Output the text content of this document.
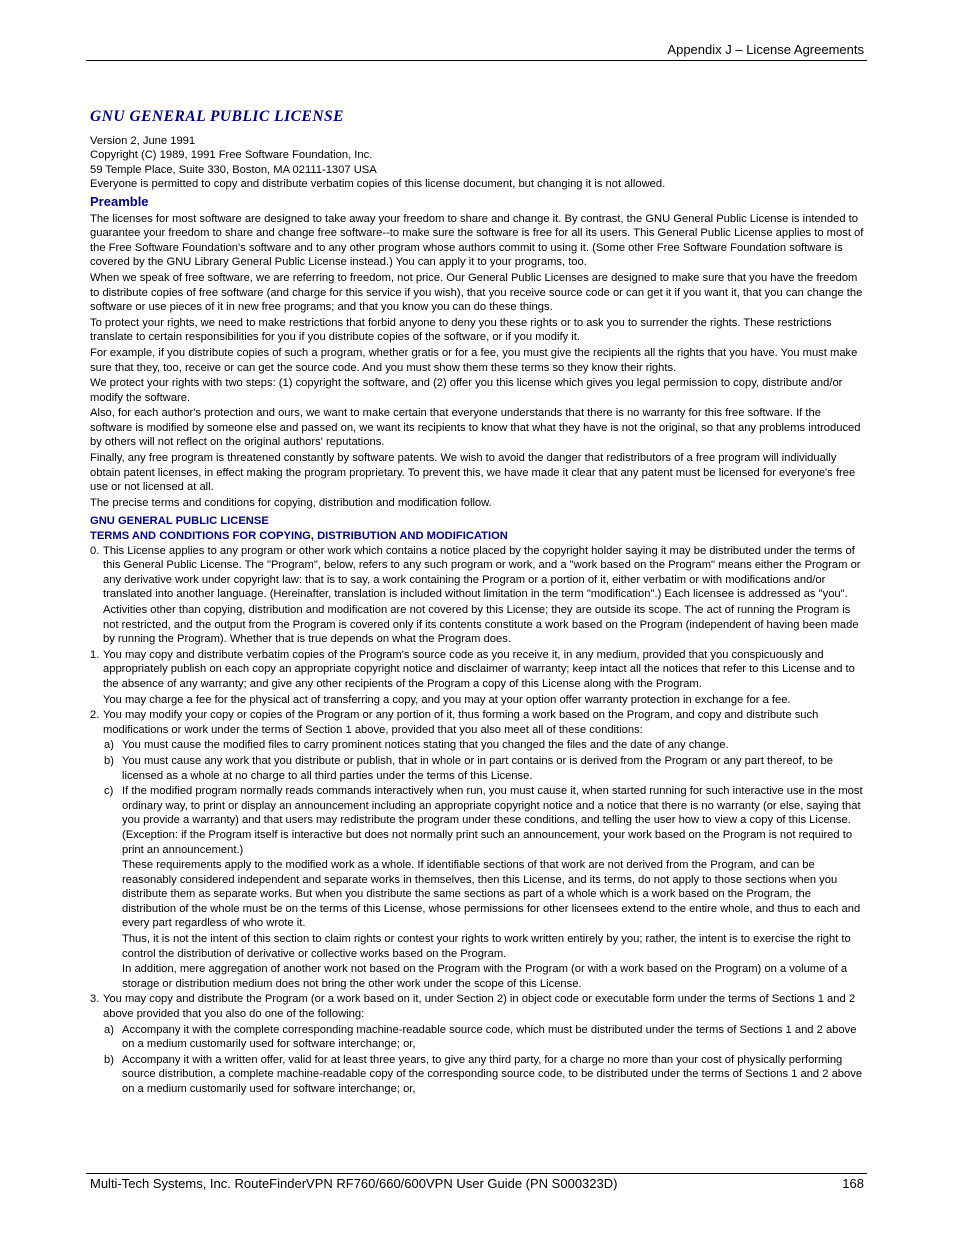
Appendix J – License Agreements
GNU GENERAL PUBLIC LICENSE

Version 2, June 1991

Copyright (C) 1989, 1991 Free Software Foundation, Inc.

59 Temple Place, Suite 330, Boston, MA 02111-1307 USA

Everyone is permitted to copy and distribute verbatim copies of this license document, but changing it is not allowed.

Preamble

The licenses for most software are designed to take away your freedom to share and change it. By contrast, the GNU General Public License is intended to guarantee your freedom to share and change free software--to make sure the software is free for all its users. This General Public License applies to most of the Free Software Foundation's software and to any other program whose authors commit to using it. (Some other Free Software Foundation software is covered by the GNU Library General Public License instead.) You can apply it to your programs, too.

When we speak of free software, we are referring to freedom, not price. Our General Public Licenses are designed to make sure that you have the freedom to distribute copies of free software (and charge for this service if you wish), that you receive source code or can get it if you want it, that you can change the software or use pieces of it in new free programs; and that you know you can do these things.

To protect your rights, we need to make restrictions that forbid anyone to deny you these rights or to ask you to surrender the rights. These restrictions translate to certain responsibilities for you if you distribute copies of the software, or if you modify it.

For example, if you distribute copies of such a program, whether gratis or for a fee, you must give the recipients all the rights that you have. You must make sure that they, too, receive or can get the source code. And you must show them these terms so they know their rights.

We protect your rights with two steps: (1) copyright the software, and (2) offer you this license which gives you legal permission to copy, distribute and/or modify the software.

Also, for each author's protection and ours, we want to make certain that everyone understands that there is no warranty for this free software. If the software is modified by someone else and passed on, we want its recipients to know that what they have is not the original, so that any problems introduced by others will not reflect on the original authors' reputations.

Finally, any free program is threatened constantly by software patents. We wish to avoid the danger that redistributors of a free program will individually obtain patent licenses, in effect making the program proprietary. To prevent this, we have made it clear that any patent must be licensed for everyone's free use or not licensed at all.

The precise terms and conditions for copying, distribution and modification follow.

GNU GENERAL PUBLIC LICENSE
TERMS AND CONDITIONS FOR COPYING, DISTRIBUTION AND MODIFICATION
0. This License applies to any program or other work which contains a notice placed by the copyright holder saying it may be distributed under the terms of this General Public License. The "Program", below, refers to any such program or work, and a "work based on the Program" means either the Program or any derivative work under copyright law: that is to say, a work containing the Program or a portion of it, either verbatim or with modifications and/or translated into another language. (Hereinafter, translation is included without limitation in the term "modification".) Each licensee is addressed as "you".

Activities other than copying, distribution and modification are not covered by this License; they are outside its scope. The act of running the Program is not restricted, and the output from the Program is covered only if its contents constitute a work based on the Program (independent of having been made by running the Program). Whether that is true depends on what the Program does.

1. You may copy and distribute verbatim copies of the Program's source code as you receive it, in any medium, provided that you conspicuously and appropriately publish on each copy an appropriate copyright notice and disclaimer of warranty; keep intact all the notices that refer to this License and to the absence of any warranty; and give any other recipients of the Program a copy of this License along with the Program.

You may charge a fee for the physical act of transferring a copy, and you may at your option offer warranty protection in exchange for a fee.

2. You may modify your copy or copies of the Program or any portion of it, thus forming a work based on the Program, and copy and distribute such modifications or work under the terms of Section 1 above, provided that you also meet all of these conditions:

a) You must cause the modified files to carry prominent notices stating that you changed the files and the date of any change.

b) You must cause any work that you distribute or publish, that in whole or in part contains or is derived from the Program or any part thereof, to be licensed as a whole at no charge to all third parties under the terms of this License.

c) If the modified program normally reads commands interactively when run, you must cause it, when started running for such interactive use in the most ordinary way, to print or display an announcement including an appropriate copyright notice and a notice that there is no warranty (or else, saying that you provide a warranty) and that users may redistribute the program under these conditions, and telling the user how to view a copy of this License. (Exception: if the Program itself is interactive but does not normally print such an announcement, your work based on the Program is not required to print an announcement.)

These requirements apply to the modified work as a whole. If identifiable sections of that work are not derived from the Program, and can be reasonably considered independent and separate works in themselves, then this License, and its terms, do not apply to those sections when you distribute them as separate works. But when you distribute the same sections as part of a whole which is a work based on the Program, the distribution of the whole must be on the terms of this License, whose permissions for other licensees extend to the entire whole, and thus to each and every part regardless of who wrote it.

Thus, it is not the intent of this section to claim rights or contest your rights to work written entirely by you; rather, the intent is to exercise the right to control the distribution of derivative or collective works based on the Program.

In addition, mere aggregation of another work not based on the Program with the Program (or with a work based on the Program) on a volume of a storage or distribution medium does not bring the other work under the scope of this License.

3. You may copy and distribute the Program (or a work based on it, under Section 2) in object code or executable form under the terms of Sections 1 and 2 above provided that you also do one of the following:

a) Accompany it with the complete corresponding machine-readable source code, which must be distributed under the terms of Sections 1 and 2 above on a medium customarily used for software interchange; or,

b) Accompany it with a written offer, valid for at least three years, to give any third party, for a charge no more than your cost of physically performing source distribution, a complete machine-readable copy of the corresponding source code, to be distributed under the terms of Sections 1 and 2 above on a medium customarily used for software interchange; or,

Multi-Tech Systems, Inc. RouteFinderVPN RF760/660/600VPN User Guide (PN S000323D)	168
